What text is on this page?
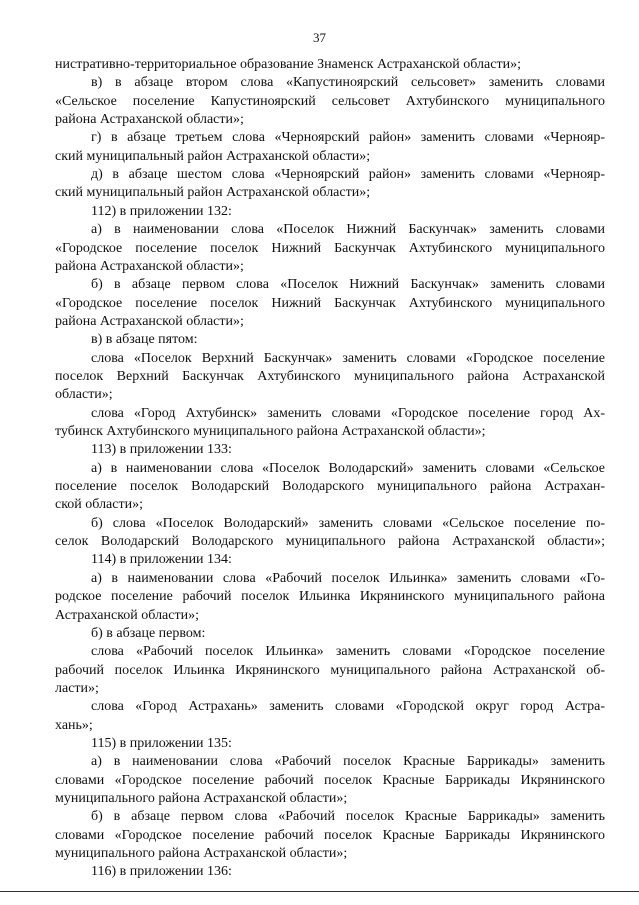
37
нистративно-территориальное образование Знаменск Астраханской области»;
в) в абзаце втором слова «Капустиноярский сельсовет» заменить словами
«Сельское поселение Капустиноярский сельсовет Ахтубинского муниципального
района Астраханской области»;
г) в абзаце третьем слова «Черноярский район» заменить словами «Чернояр-
ский муниципальный район Астраханской области»;
д) в абзаце шестом слова «Черноярский район» заменить словами «Чернояр-
ский муниципальный район Астраханской области»;
112) в приложении 132:
а) в наименовании слова «Поселок Нижний Баскунчак» заменить словами
«Городское поселение поселок Нижний Баскунчак Ахтубинского муниципального
района Астраханской области»;
б) в абзаце первом слова «Поселок Нижний Баскунчак» заменить словами
«Городское поселение поселок Нижний Баскунчак Ахтубинского муниципального
района Астраханской области»;
в) в абзаце пятом:
слова «Поселок Верхний Баскунчак» заменить словами «Городское поселение
поселок Верхний Баскунчак Ахтубинского муниципального района Астраханской
области»;
слова «Город Ахтубинск» заменить словами «Городское поселение город Ах-
тубинск Ахтубинского муниципального района Астраханской области»;
113) в приложении 133:
а) в наименовании слова «Поселок Володарский» заменить словами «Сельское
поселение поселок Володарский Володарского муниципального района Астрахан-
ской области»;
б) слова «Поселок Володарский» заменить словами «Сельское поселение по-
селок Володарский Володарского муниципального района Астраханской области»;
114) в приложении 134:
а) в наименовании слова «Рабочий поселок Ильинка» заменить словами «Го-
родское поселение рабочий поселок Ильинка Икрянинского муниципального района
Астраханской области»;
б) в абзаце первом:
слова «Рабочий поселок Ильинка» заменить словами «Городское поселение
рабочий поселок Ильинка Икрянинского муниципального района Астраханской об-
ласти»;
слова «Город Астрахань» заменить словами «Городской округ город Астра-
хань»;
115) в приложении 135:
а) в наименовании слова «Рабочий поселок Красные Баррикады» заменить
словами «Городское поселение рабочий поселок Красные Баррикады Икрянинского
муниципального района Астраханской области»;
б) в абзаце первом слова «Рабочий поселок Красные Баррикады» заменить
словами «Городское поселение рабочий поселок Красные Баррикады Икрянинского
муниципального района Астраханской области»;
116) в приложении 136:
